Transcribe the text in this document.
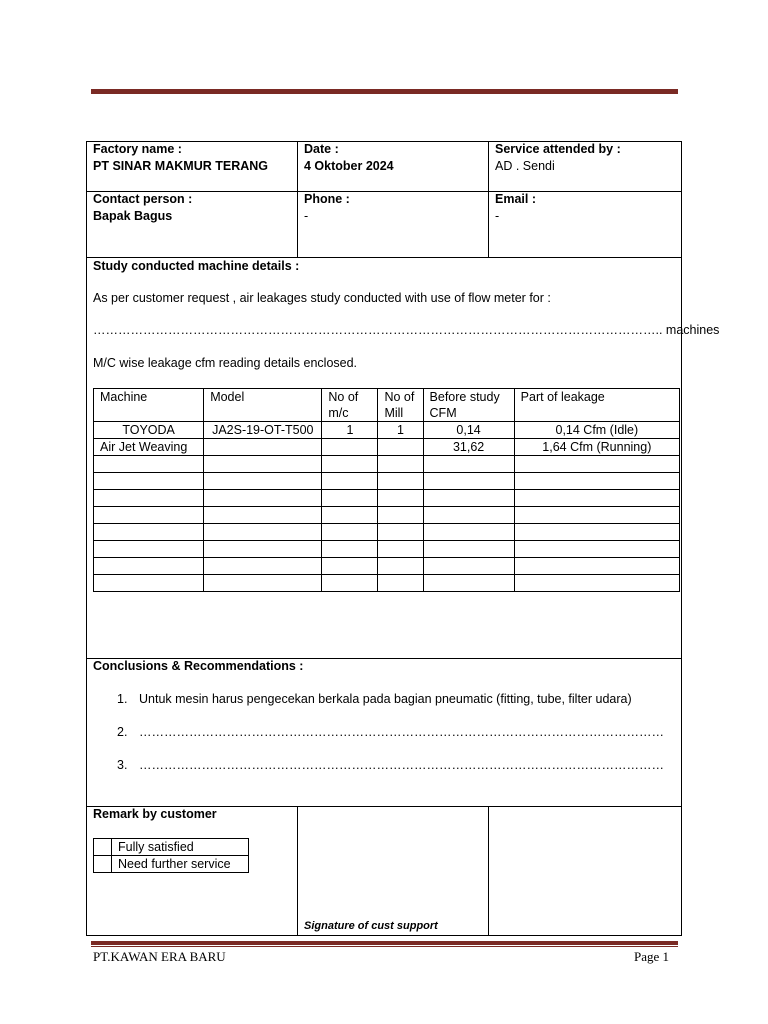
Factory name :
PT SINAR MAKMUR TERANG
Date :
4 Oktober 2024
Service attended by :
AD . Sendi
Contact person :
Bapak Bagus
Phone :
-
Email :
-
Study conducted machine details :
As per customer request , air leakages study conducted with use of flow meter for :
……………………………………………………………………………………………………………………….. machines
M/C wise leakage cfm reading details enclosed.
Machine	Model	No of m/c	No of Mill	Before study CFM	Part of leakage
TOYODA	JA2S-19-OT-T500	1	1	0,14	0,14 Cfm (Idle)
Air Jet Weaving				31,62	1,64 Cfm (Running)

Conclusions & Recommendations :
1. Untuk mesin harus pengecekan berkala pada bagian pneumatic (fitting, tube, filter udara)
2. ………………………………………………………………………………………………………………
3. ………………………………………………………………………………………………………………
Remark by customer
	Fully satisfied
	Need further service
Signature of cust support
PT.KAWAN ERA BARU	Page 1
